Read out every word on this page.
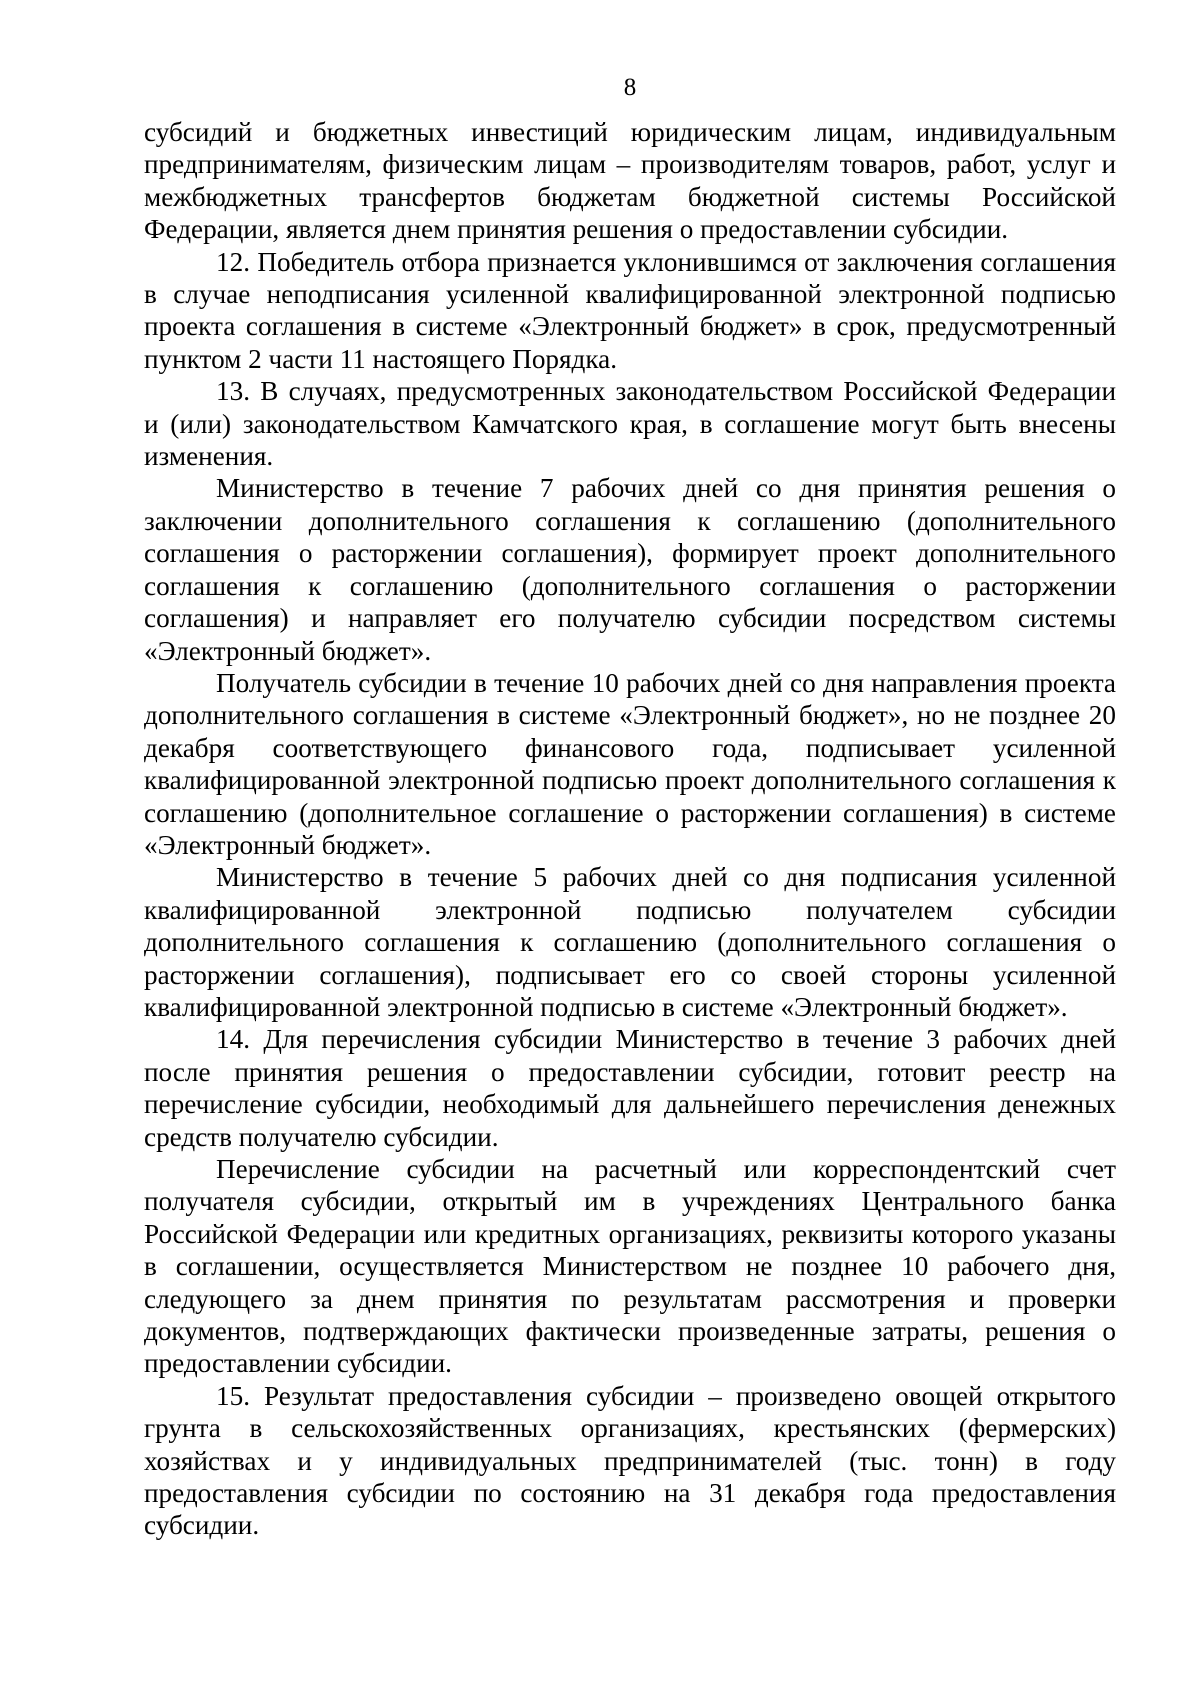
8

субсидий и бюджетных инвестиций юридическим лицам, индивидуальным предпринимателям, физическим лицам – производителям товаров, работ, услуг и межбюджетных трансфертов бюджетам бюджетной системы Российской Федерации, является днем принятия решения о предоставлении субсидии.

12. Победитель отбора признается уклонившимся от заключения соглашения в случае неподписания усиленной квалифицированной электронной подписью проекта соглашения в системе «Электронный бюджет» в срок, предусмотренный пунктом 2 части 11 настоящего Порядка.

13. В случаях, предусмотренных законодательством Российской Федерации и (или) законодательством Камчатского края, в соглашение могут быть внесены изменения.

Министерство в течение 7 рабочих дней со дня принятия решения о заключении дополнительного соглашения к соглашению (дополнительного соглашения о расторжении соглашения), формирует проект дополнительного соглашения к соглашению (дополнительного соглашения о расторжении соглашения) и направляет его получателю субсидии посредством системы «Электронный бюджет».

Получатель субсидии в течение 10 рабочих дней со дня направления проекта дополнительного соглашения в системе «Электронный бюджет», но не позднее 20 декабря соответствующего финансового года, подписывает усиленной квалифицированной электронной подписью проект дополнительного соглашения к соглашению (дополнительное соглашение о расторжении соглашения) в системе «Электронный бюджет».

Министерство в течение 5 рабочих дней со дня подписания усиленной квалифицированной электронной подписью получателем субсидии дополнительного соглашения к соглашению (дополнительного соглашения о расторжении соглашения), подписывает его со своей стороны усиленной квалифицированной электронной подписью в системе «Электронный бюджет».

14. Для перечисления субсидии Министерство в течение 3 рабочих дней после принятия решения о предоставлении субсидии, готовит реестр на перечисление субсидии, необходимый для дальнейшего перечисления денежных средств получателю субсидии.

Перечисление субсидии на расчетный или корреспондентский счет получателя субсидии, открытый им в учреждениях Центрального банка Российской Федерации или кредитных организациях, реквизиты которого указаны в соглашении, осуществляется Министерством не позднее 10 рабочего дня, следующего за днем принятия по результатам рассмотрения и проверки документов, подтверждающих фактически произведенные затраты, решения о предоставлении субсидии.

15. Результат предоставления субсидии – произведено овощей открытого грунта в сельскохозяйственных организациях, крестьянских (фермерских) хозяйствах и у индивидуальных предпринимателей (тыс. тонн) в году предоставления субсидии по состоянию на 31 декабря года предоставления субсидии.
